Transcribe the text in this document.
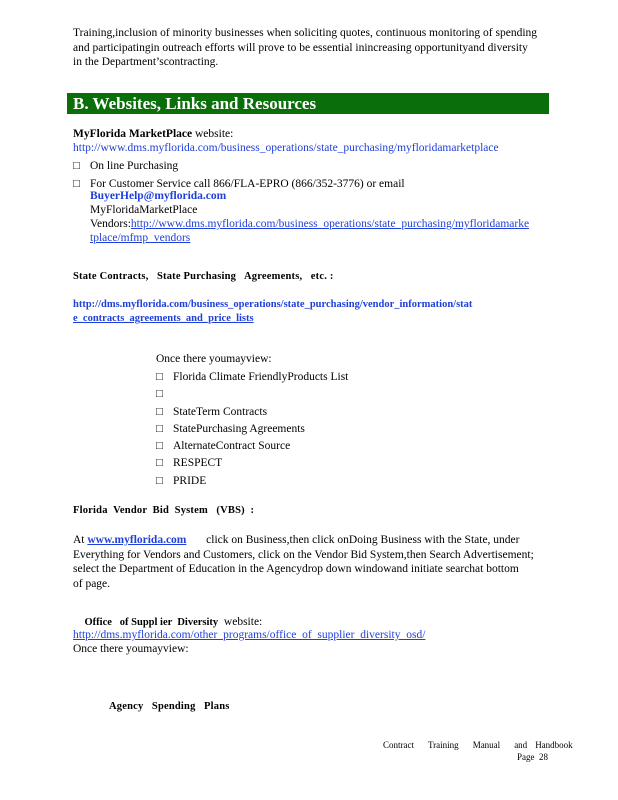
Training,inclusion of minority businesses when soliciting quotes, continuous monitoring of spending

and participatingin outreach efforts will prove to be essential inincreasing opportunityand diversity

in the Department’scontracting.

B. Websites, Links and Resources
MyFlorida MarketPlace website:
http://www.dms.myflorida.com/business_operations/state_purchasing/myfloridamarketplace
□ On line Purchasing
□ For Customer Service call 866/FLA-EPRO (866/352-3776) or email
BuyerHelp@myflorida.com
MyFloridaMarketPlace
Vendors:http://www.dms.myflorida.com/business_operations/state_purchasing/myfloridamarke
tplace/mfmp_vendors
State Contracts,   State Purchasing   Agreements,   etc. :
http://dms.myflorida.com/business_operations/state_purchasing/vendor_information/stat
e_contracts_agreements_and_price_lists
Once there youmayview:
□ Florida Climate FriendlyProducts List
□
□ StateTerm Contracts
□ StatePurchasing Agreements
□ AlternateContract Source
□ RESPECT
□ PRIDE
Florida  Vendor  Bid  System   (VBS)  :
At www.myflorida.com  click on Business,then click onDoing Business with the State, under
Everything for Vendors and Customers, click on the Vendor Bid System,then Search Advertisement;
select the Department of Education in the Agencydrop down windowand initiate searchat bottom
of page.

Office   of Suppl ier  Diversity  website:

http://dms.myflorida.com/other_programs/office_of_supplier_diversity_osd/
Once there youmayview:
Agency   Spending   Plans
Contract Training Manual and Handbook
Page  28
